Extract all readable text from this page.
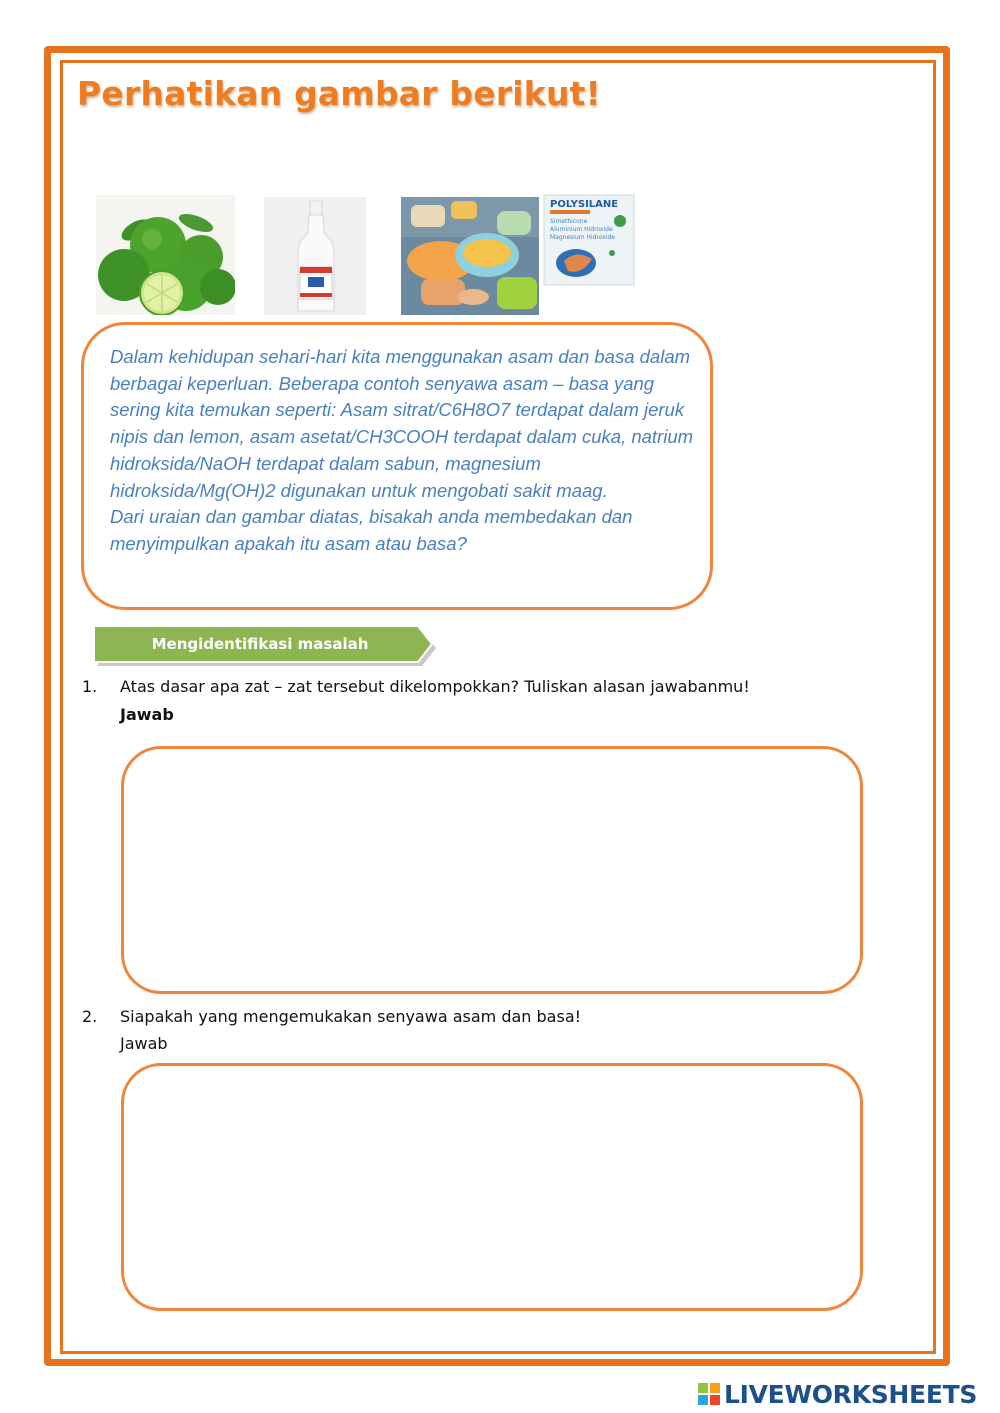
Perhatikan gambar berikut!
POLYSILANE
Simethicone
Aluminium Hidroxide
Magnesium Hidroxide

Dalam kehidupan sehari-hari kita menggunakan asam dan basa dalam berbagai keperluan. Beberapa contoh senyawa asam – basa yang sering kita temukan seperti: Asam sitrat/C6H8O7 terdapat dalam jeruk nipis dan lemon, asam asetat/CH3COOH terdapat dalam cuka, natrium hidroksida/NaOH terdapat dalam sabun, magnesium hidroksida/Mg(OH)2 digunakan untuk mengobati sakit maag.

Dari uraian dan gambar diatas, bisakah anda membedakan dan menyimpulkan apakah itu asam atau basa?

Mengidentifikasi masalah
1. Atas dasar apa zat – zat tersebut dikelompokkan? Tuliskan alasan jawabanmu!
Jawab
2. Siapakah yang mengemukakan senyawa asam dan basa!
Jawab
LIVEWORKSHEETS
